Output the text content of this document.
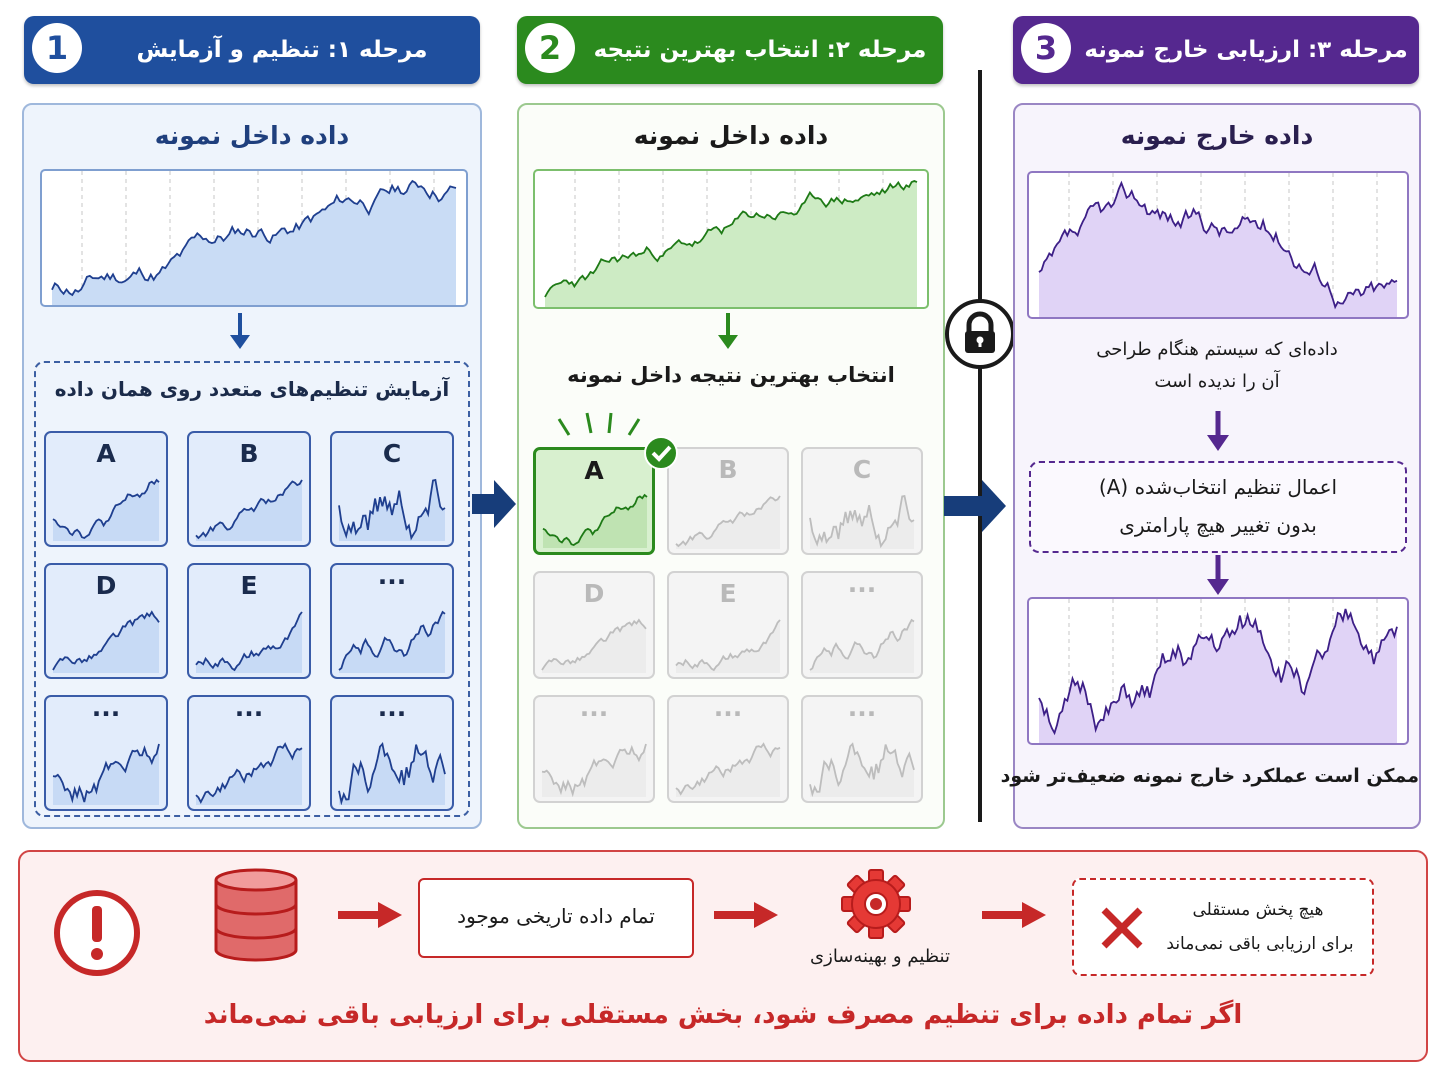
1	مرحله ۱: تنظیم و آزمایش	2	مرحله ۲: انتخاب بهترین نتیجه	3	مرحله ۳: ارزیابی خارج نمونه
داده داخل نمونه
آزمایش تنظیم‌های متعدد روی همان داده
A	B	C
D	E	...
...	...	...
داده داخل نمونه
انتخاب بهترین نتیجه داخل نمونه
A	B	C
D	E	...
...	...	...
داده خارج نمونه
داده‌ای که سیستم هنگام طراحی
آن را ندیده است
اعمال تنظیم انتخاب‌شده (A)
بدون تغییر هیچ پارامتری
ممکن است عملکرد خارج نمونه ضعیف‌تر شود
تمام داده تاریخی موجود
تنظیم و بهینه‌سازی
هیچ پخش مستقلی
برای ارزیابی باقی نمی‌ماند
اگر تمام داده برای تنظیم مصرف شود، بخش مستقلی برای ارزیابی باقی نمی‌ماند
